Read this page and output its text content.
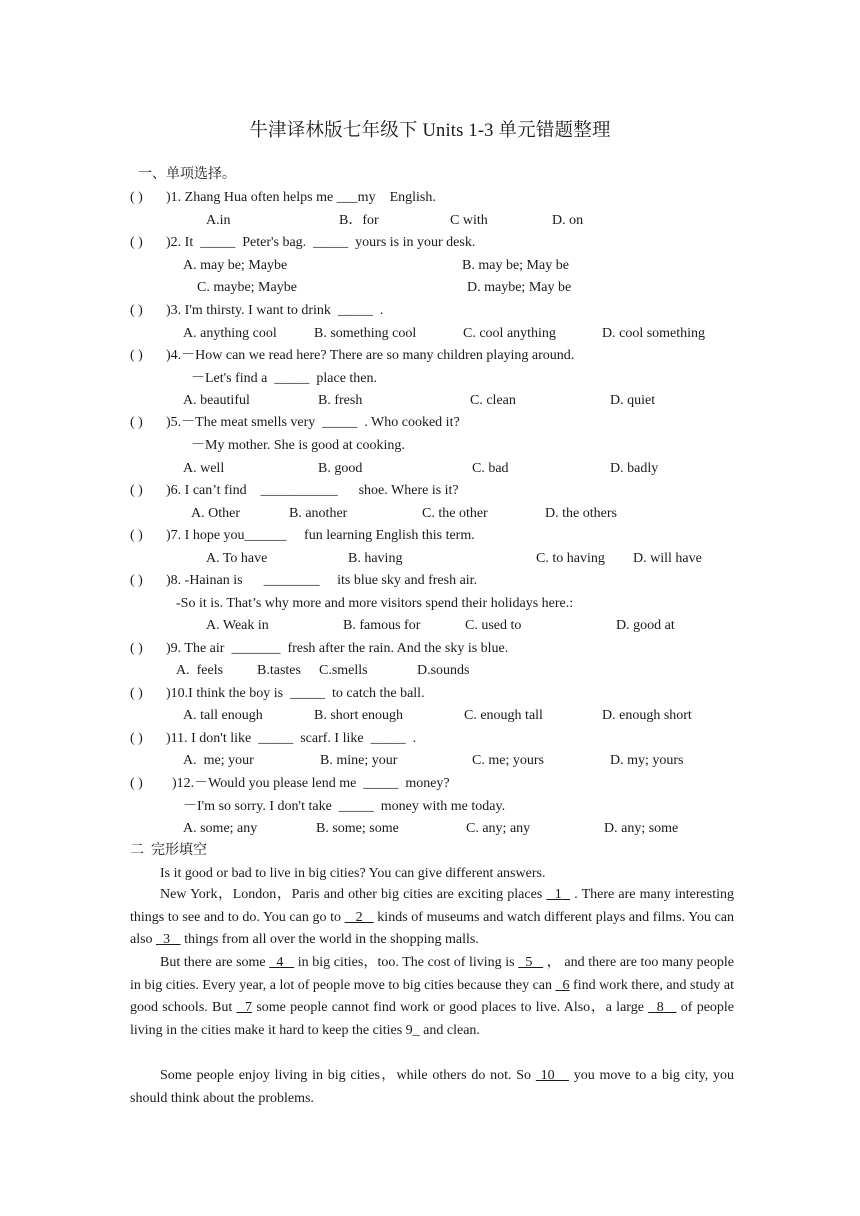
牛津译林版七年级下 Units 1-3 单元错题整理
一、单项选择。
( ) )1. Zhang Hua often helps me ___my    English.
A.in	B．for	C with	D. on
( ) )2. It  _____  Peter's bag.  _____  yours is in your desk.
A. may be; Maybe	B. may be; May be
C. maybe; Maybe	D. maybe; May be
( ) )3. I'm thirsty. I want to drink  _____  .
A. anything cool	B. something cool	C. cool anything	D. cool something
( ) )4.－How can we read here? There are so many children playing around.
－Let's find a  _____  place then.
A. beautiful	B. fresh	C. clean	D. quiet
( ) )5.－The meat smells very  _____  . Who cooked it?
－My mother. She is good at cooking.
A. well	B. good	C. bad	D. badly
( ) )6. I can’t find    ___________      shoe. Where is it?
A. Other	B. another	C. the other	D. the others
( ) )7. I hope you______     fun learning English this term.
A. To have	B. having	C. to having D. will have
( ) )8. -Hainan is      ________     its blue sky and fresh air.
-So it is. That’s why more and more visitors spend their holidays here.:
A. Weak in	B. famous for	C. used to	D. good at
( ) )9. The air  _______  fresh after the rain. And the sky is blue.
A.  feels B.tastes C.smells	D.sounds
( ) )10.I think the boy is  _____  to catch the ball.
A. tall enough	B. short enough	C. enough tall	D. enough short
( ) )11. I don't like  _____  scarf. I like  _____  .
A.  me; your	B. mine; your	C. me; yours	D. my; yours
( ) )12.－Would you please lend me  _____  money?
－I'm so sorry. I don't take  _____  money with me today.
A. some; any	B. some; some	C. any; any	D. any; some
二  完形填空
Is it good or bad to live in big cities? You can give different answers.
New York，London，Paris and other big cities are exciting places   1   . There are many interesting things to see and to do. You can go to    2    kinds of museums and watch different plays and films. You can also   3    things from all over the world in the shopping malls.
But there are some   4    in big cities，too. The cost of living is   5    ， and there are too many people in big cities. Every year, a lot of people move to big cities because they can   6 find work there, and study at good schools. But   7 some people cannot find work or good places to live. Also，a large   8    of people living in the cities make it hard to keep the cities 9_ and clean.
Some people enjoy living in big cities，while others do not. So  10    you move to a big city, you should think about the problems.
